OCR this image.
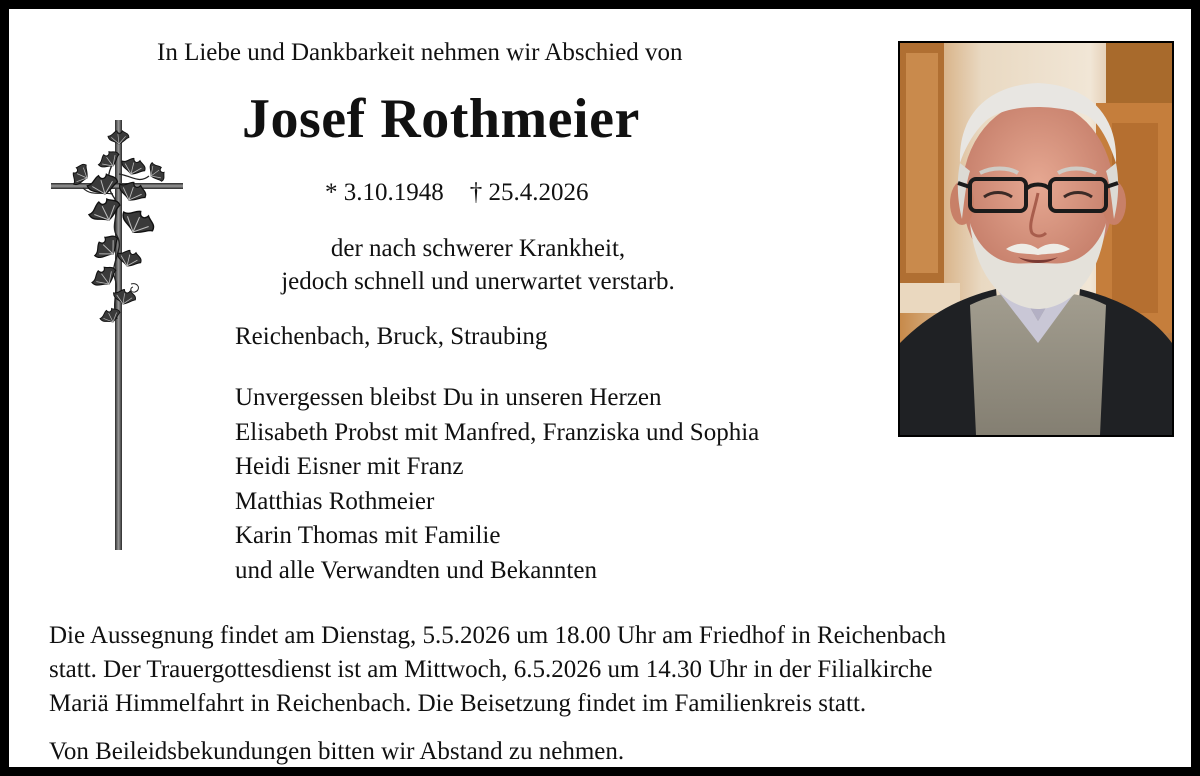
In Liebe und Dankbarkeit nehmen wir Abschied von
Josef Rothmeier
* 3.10.1948 † 25.4.2026
der nach schwerer Krankheit,
jedoch schnell und unerwartet verstarb.
Reichenbach, Bruck, Straubing
Unvergessen bleibst Du in unseren Herzen
Elisabeth Probst mit Manfred, Franziska und Sophia
Heidi Eisner mit Franz
Matthias Rothmeier
Karin Thomas mit Familie
und alle Verwandten und Bekannten
Die Aussegnung findet am Dienstag, 5.5.2026 um 18.00 Uhr am Friedhof in Reichenbach
statt. Der Trauergottesdienst ist am Mittwoch, 6.5.2026 um 14.30 Uhr in der Filialkirche
Mariä Himmelfahrt in Reichenbach. Die Beisetzung findet im Familienkreis statt.
Von Beileidsbekundungen bitten wir Abstand zu nehmen.
